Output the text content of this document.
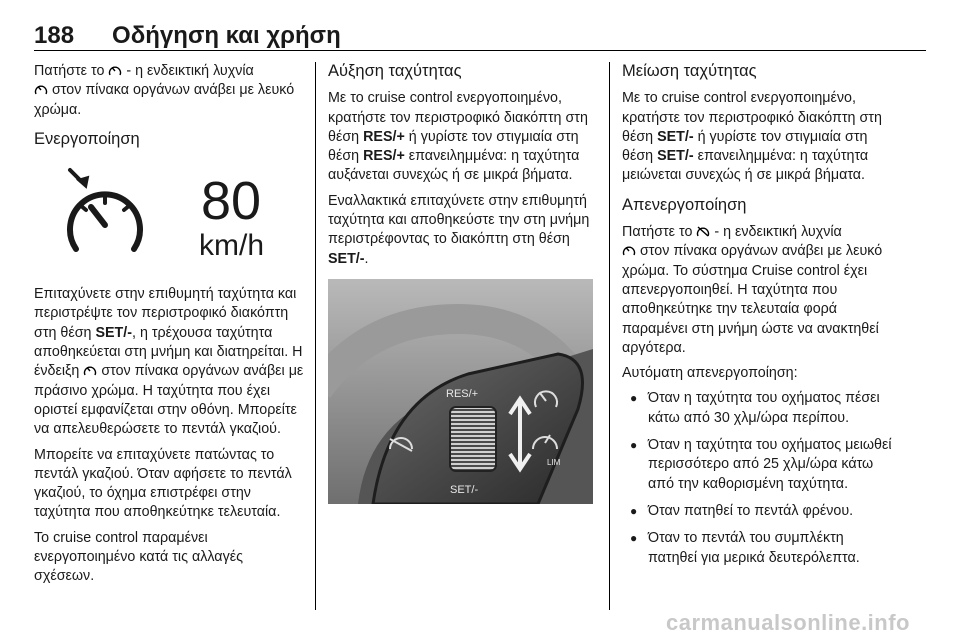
188 Οδήγηση και χρήση

Πατήστε το  - η ενδεικτική λυχνία
στον πίνακα οργάνων ανάβει με λευκό χρώμα.

Ενεργοποίηση
80
km/h

Επιταχύνετε στην επιθυμητή ταχύτητα και περιστρέψτε τον περιστροφικό διακόπτη στη θέση SET/-, η τρέχουσα ταχύτητα αποθηκεύεται στη μνήμη και διατηρείται. Η ένδειξη  στον πίνακα οργάνων ανάβει με πράσινο χρώμα. Η ταχύτητα που έχει οριστεί εμφανίζεται στην οθόνη. Μπορείτε να απελευθερώσετε το πεντάλ γκαζιού.

Μπορείτε να επιταχύνετε πατώντας το πεντάλ γκαζιού. Όταν αφήσετε το πεντάλ γκαζιού, το όχημα επιστρέφει στην ταχύτητα που αποθηκεύτηκε τελευταία.

Το cruise control παραμένει ενεργοποιημένο κατά τις αλλαγές σχέσεων.

Αύξηση ταχύτητας

Με το cruise control ενεργοποιημένο, κρατήστε τον περιστροφικό διακόπτη στη θέση RES/+ ή γυρίστε τον στιγμιαία στη θέση RES/+ επανειλημμένα: η ταχύτητα αυξάνεται συνεχώς ή σε μικρά βήματα.

Εναλλακτικά επιταχύνετε στην επιθυμητή ταχύτητα και αποθηκεύστε την στη μνήμη περιστρέφοντας το διακόπτη στη θέση SET/-.

RES/+
SET/-
LIM
Μείωση ταχύτητας

Με το cruise control ενεργοποιημένο, κρατήστε τον περιστροφικό διακόπτη στη θέση SET/- ή γυρίστε τον στιγμιαία στη θέση SET/- επανειλημμένα: η ταχύτητα μειώνεται συνεχώς ή σε μικρά βήματα.

Απενεργοποίηση

Πατήστε το  - η ενδεικτική λυχνία
στον πίνακα οργάνων ανάβει με λευκό χρώμα. Το σύστημα Cruise control έχει απενεργοποιηθεί. Η ταχύτητα που αποθηκεύτηκε την τελευταία φορά παραμένει στη μνήμη ώστε να ανακτηθεί αργότερα.

Αυτόματη απενεργοποίηση:

● Όταν η ταχύτητα του οχήματος πέσει κάτω από 30 χλμ/ώρα περίπου.
● Όταν η ταχύτητα του οχήματος μειωθεί περισσότερο από 25 χλμ/ώρα κάτω από την καθορισμένη ταχύτητα.
● Όταν πατηθεί το πεντάλ φρένου.
● Όταν το πεντάλ του συμπλέκτη πατηθεί για μερικά δευτερόλεπτα.
carmanualsonline.info
